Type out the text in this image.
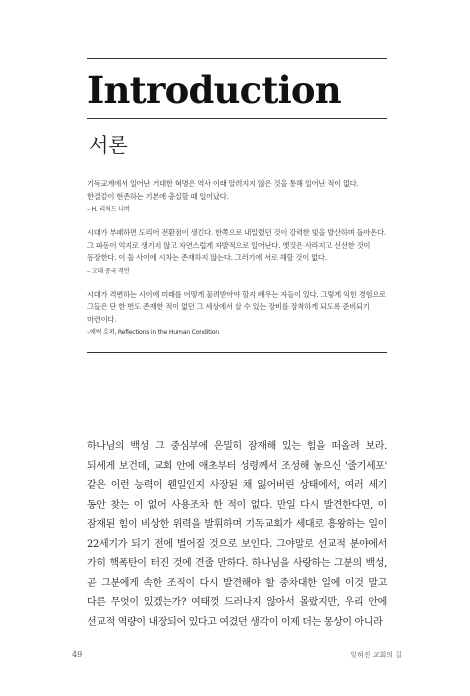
Introduction
서론

기독교계에서 일어난 거대한 혁명은 역사 이래 알려지지 않은 것을 통해 일어난 적이 없다. 한결같이 현존하는 기본에 충실할 때 일어났다.

– H. 리처드 니버

시대가 부패하면 도리어 전환점이 생긴다. 한쪽으로 내밀렸던 것이 강력한 빛을 발산하며 돌아온다. 그 파동이 억지로 생기지 않고 자연스럽게 자발적으로 일어난다. 옛것은 사라지고 신선한 것이 등장한다. 이 둘 사이에 시차는 존재하지 않는다. 그러기에 서로 해할 것이 없다.

– 고대 중국 격언

시대가 격변하는 시이에 미래를 어떻게 물려받아야 할지 배우는 자들이 있다. 그렇게 익힌 경험으로 그들은 단 한 번도 존재한 적이 없던 그 세상에서 살 수 있는 장비를 장착하게 되도록 준비되기 마련이다.

–에릭 호퍼, Reflections in the Human Condition

하나님의 백성 그 중심부에 은밀히 잠재해 있는 힘을 떠올려 보라. 되세게 보건데, 교회 안에 애초부터 성령께서 조성해 놓으신 '줄기세포' 같은 이런 능력이 웬일인지 사장된 채 잃어버린 상태에서, 여러 세기 동안 찾는 이 없어 사용조차 한 적이 없다. 만일 다시 발견한다면, 이 잠재된 힘이 비상한 위력을 발휘하며 기독교회가 세대로 흥왕하는 일이 22세기가 되기 전에 벌어질 것으로 보인다. 그야말로 선교적 분야에서 가히 핵폭탄이 터진 것에 견줄 만하다. 하나님을 사랑하는 그분의 백성, 곧 그분에게 속한 조직이 다시 발견해야 할 중차대한 일에 이것 말고 다른 무엇이 있겠는가? 여태껏 드러나지 않아서 몰랐지만, 우리 안에 선교적 역량이 내장되어 있다고 여겼던 생각이 이제 더는 몽상이 아니라

49	잊혀진 교회의 길
